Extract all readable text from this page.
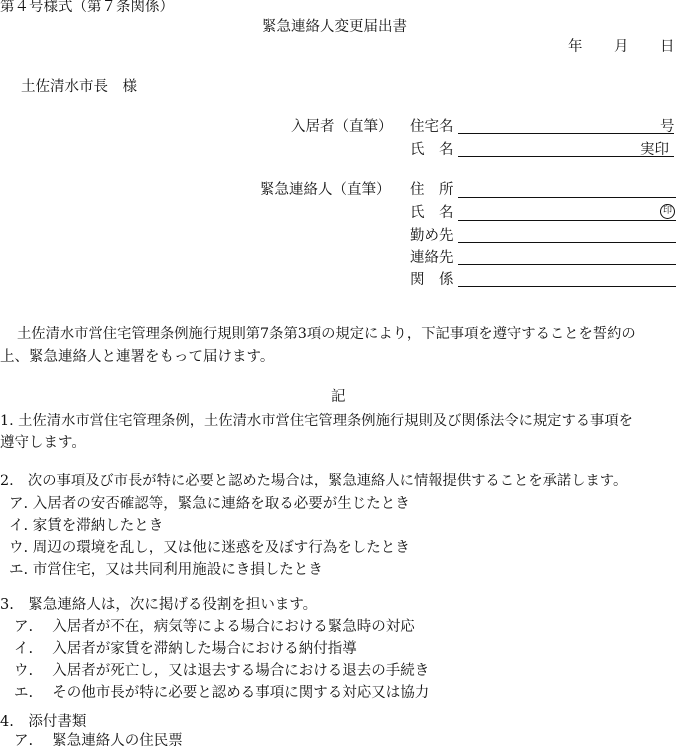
第４号様式（第７条関係）
緊急連絡人変更届出書
年 月 日
土佐清水市長　様
入居者（直筆） 住宅名	号
氏　名	実印
緊急連絡人（直筆） 住　所
氏　名	印
勤め先
連絡先
関　係
土佐清水市営住宅管理条例施行規則第7条第3項の規定により，下記事項を遵守することを誓約の
上、緊急連絡人と連署をもって届けます。
記
1. 土佐清水市営住宅管理条例，土佐清水市営住宅管理条例施行規則及び関係法令に規定する事項を
遵守します。
2.　次の事項及び市長が特に必要と認めた場合は，緊急連絡人に情報提供することを承諾します。
ア. 入居者の安否確認等，緊急に連絡を取る必要が生じたとき
イ. 家賃を滞納したとき
ウ. 周辺の環境を乱し，又は他に迷惑を及ぼす行為をしたとき
エ. 市営住宅，又は共同利用施設にき損したとき
3.　緊急連絡人は，次に掲げる役割を担います。
ア.　 入居者が不在，病気等による場合における緊急時の対応
イ.　 入居者が家賃を滞納した場合における納付指導
ウ.　 入居者が死亡し，又は退去する場合における退去の手続き
エ.　 その他市長が特に必要と認める事項に関する対応又は協力
4.　添付書類
ア.　 緊急連絡人の住民票
